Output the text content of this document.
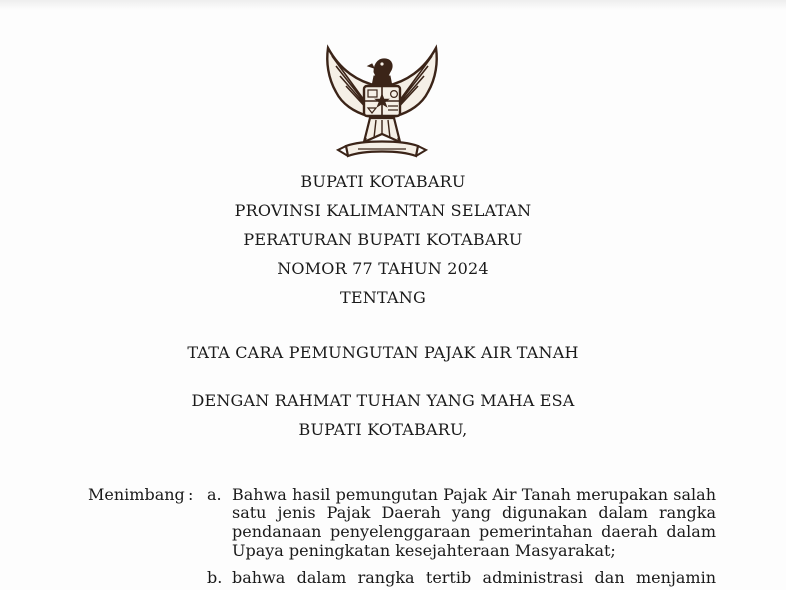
BUPATI KOTABARU
PROVINSI KALIMANTAN SELATAN
PERATURAN BUPATI KOTABARU
NOMOR 77 TAHUN 2024
TENTANG
TATA CARA PEMUNGUTAN PAJAK AIR TANAH
DENGAN RAHMAT TUHAN YANG MAHA ESA
BUPATI KOTABARU,
Menimbang : a. Bahwa hasil pemungutan Pajak Air Tanah merupakan salah
satu jenis Pajak Daerah yang digunakan dalam rangka
pendanaan penyelenggaraan pemerintahan daerah dalam
Upaya peningkatan kesejahteraan Masyarakat;
b. bahwa dalam rangka tertib administrasi dan menjamin
